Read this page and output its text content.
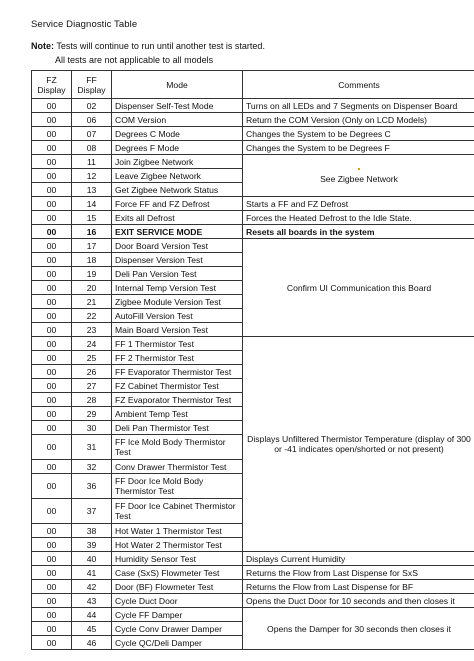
Service Diagnostic Table
Note: Tests will continue to run until another test is started.
All tests are not applicable to all models
FZ Display	FF Display	Mode	Comments
00	02	Dispenser Self-Test Mode	Turns on all LEDs and 7 Segments on Dispenser Board
00	06	COM Version	Return the COM Version (Only on LCD Models)
00	07	Degrees C Mode	Changes the System to be Degrees C
00	08	Degrees F Mode	Changes the System to be Degrees F
00	11	Join Zigbee Network	See Zigbee Network
00	12	Leave Zigbee Network	
00	13	Get Zigbee Network Status	
00	14	Force FF and FZ Defrost	Starts a FF and FZ Defrost
00	15	Exits all Defrost	Forces the Heated Defrost to the Idle State.
00	16	EXIT SERVICE MODE	Resets all boards in the system
00	17	Door Board Version Test	Confirm UI Communication this Board
00	18	Dispenser Version Test	
00	19	Deli Pan Version Test	
00	20	Internal Temp Version Test	
00	21	Zigbee Module Version Test	
00	22	AutoFill Version Test	
00	23	Main Board Version Test	
00	24	FF 1 Thermistor Test	Displays Unfiltered Thermistor Temperature (display of 300 or -41 indicates open/shorted or not present)
00	25	FF 2 Thermistor Test	
00	26	FF Evaporator Thermistor Test	
00	27	FZ Cabinet Thermistor Test	
00	28	FZ Evaporator Thermistor Test	
00	29	Ambient Temp Test	
00	30	Deli Pan Thermistor Test	
00	31	FF Ice Mold Body Thermistor Test	
00	32	Conv Drawer Thermistor Test	
00	36	FF Door Ice Mold Body Thermistor Test	
00	37	FF Door Ice Cabinet Thermistor Test	
00	38	Hot Water 1 Thermistor Test	
00	39	Hot Water 2 Thermistor Test	
00	40	Humidity Sensor Test	Displays Current Humidity
00	41	Case (SxS) Flowmeter Test	Returns the Flow from Last Dispense for SxS
00	42	Door (BF) Flowmeter Test	Returns the Flow from Last Dispense for BF
00	43	Cycle Duct Door	Opens the Duct Door for 10 seconds and then closes it
00	44	Cycle FF Damper	Opens the Damper for 30 seconds then closes it
00	45	Cycle Conv Drawer Damper	
00	46	Cycle QC/Deli Damper	
